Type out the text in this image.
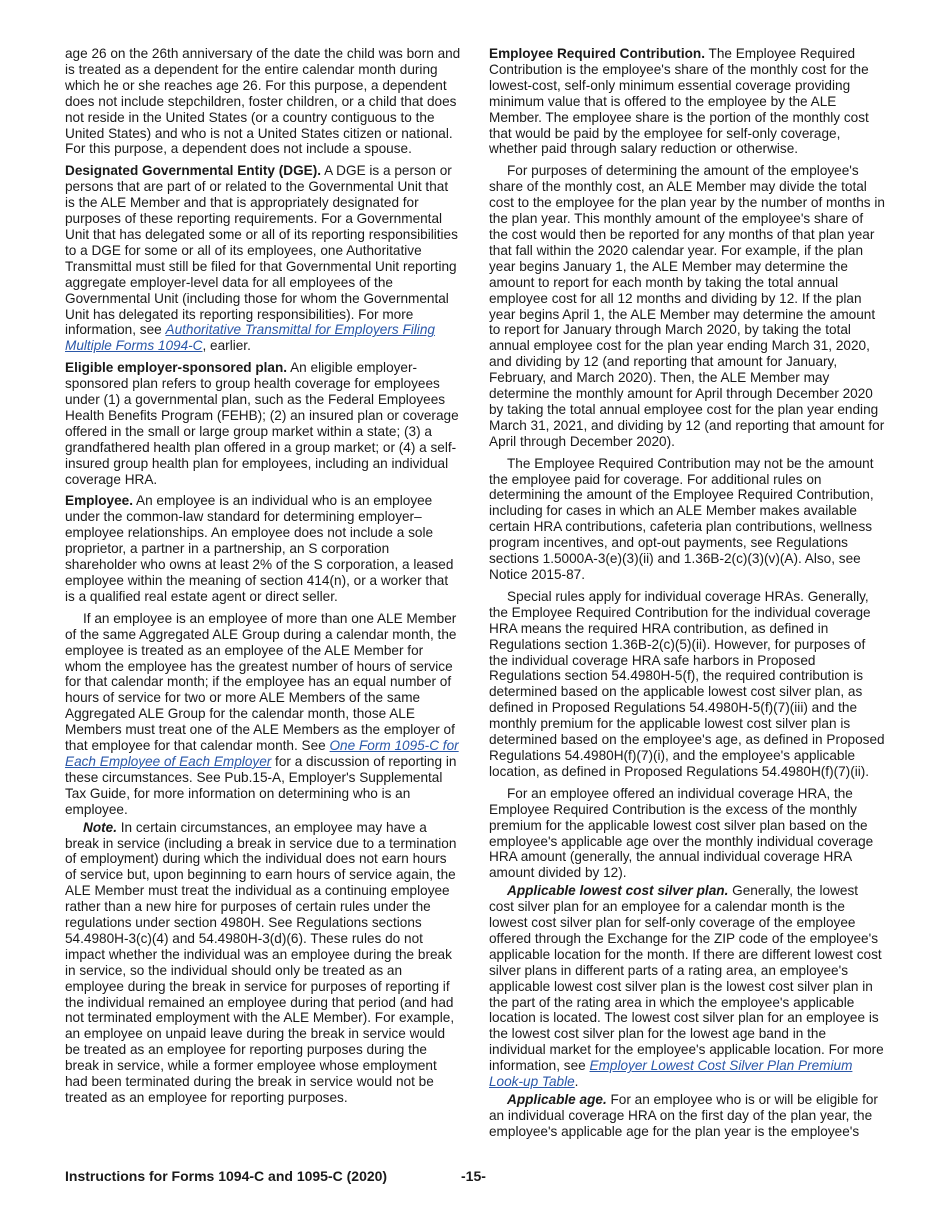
age 26 on the 26th anniversary of the date the child was born and is treated as a dependent for the entire calendar month during which he or she reaches age 26. For this purpose, a dependent does not include stepchildren, foster children, or a child that does not reside in the United States (or a country contiguous to the United States) and who is not a United States citizen or national. For this purpose, a dependent does not include a spouse.

Designated Governmental Entity (DGE). A DGE is a person or persons that are part of or related to the Governmental Unit that is the ALE Member and that is appropriately designated for purposes of these reporting requirements. For a Governmental Unit that has delegated some or all of its reporting responsibilities to a DGE for some or all of its employees, one Authoritative Transmittal must still be filed for that Governmental Unit reporting aggregate employer-level data for all employees of the Governmental Unit (including those for whom the Governmental Unit has delegated its reporting responsibilities). For more information, see Authoritative Transmittal for Employers Filing Multiple Forms 1094-C, earlier.

Eligible employer-sponsored plan. An eligible employer-sponsored plan refers to group health coverage for employees under (1) a governmental plan, such as the Federal Employees Health Benefits Program (FEHB); (2) an insured plan or coverage offered in the small or large group market within a state; (3) a grandfathered health plan offered in a group market; or (4) a self-insured group health plan for employees, including an individual coverage HRA.

Employee. An employee is an individual who is an employee under the common-law standard for determining employer–employee relationships. An employee does not include a sole proprietor, a partner in a partnership, an S corporation shareholder who owns at least 2% of the S corporation, a leased employee within the meaning of section 414(n), or a worker that is a qualified real estate agent or direct seller.

If an employee is an employee of more than one ALE Member of the same Aggregated ALE Group during a calendar month, the employee is treated as an employee of the ALE Member for whom the employee has the greatest number of hours of service for that calendar month; if the employee has an equal number of hours of service for two or more ALE Members of the same Aggregated ALE Group for the calendar month, those ALE Members must treat one of the ALE Members as the employer of that employee for that calendar month. See One Form 1095-C for Each Employee of Each Employer for a discussion of reporting in these circumstances. See Pub.15-A, Employer's Supplemental Tax Guide, for more information on determining who is an employee.

Note. In certain circumstances, an employee may have a break in service (including a break in service due to a termination of employment) during which the individual does not earn hours of service but, upon beginning to earn hours of service again, the ALE Member must treat the individual as a continuing employee rather than a new hire for purposes of certain rules under the regulations under section 4980H. See Regulations sections 54.4980H-3(c)(4) and 54.4980H-3(d)(6). These rules do not impact whether the individual was an employee during the break in service, so the individual should only be treated as an employee during the break in service for purposes of reporting if the individual remained an employee during that period (and had not terminated employment with the ALE Member). For example, an employee on unpaid leave during the break in service would be treated as an employee for reporting purposes during the break in service, while a former employee whose employment had been terminated during the break in service would not be treated as an employee for reporting purposes.

Employee Required Contribution. The Employee Required Contribution is the employee's share of the monthly cost for the lowest-cost, self-only minimum essential coverage providing minimum value that is offered to the employee by the ALE Member. The employee share is the portion of the monthly cost that would be paid by the employee for self-only coverage, whether paid through salary reduction or otherwise.

For purposes of determining the amount of the employee's share of the monthly cost, an ALE Member may divide the total cost to the employee for the plan year by the number of months in the plan year. This monthly amount of the employee's share of the cost would then be reported for any months of that plan year that fall within the 2020 calendar year. For example, if the plan year begins January 1, the ALE Member may determine the amount to report for each month by taking the total annual employee cost for all 12 months and dividing by 12. If the plan year begins April 1, the ALE Member may determine the amount to report for January through March 2020, by taking the total annual employee cost for the plan year ending March 31, 2020, and dividing by 12 (and reporting that amount for January, February, and March 2020). Then, the ALE Member may determine the monthly amount for April through December 2020 by taking the total annual employee cost for the plan year ending March 31, 2021, and dividing by 12 (and reporting that amount for April through December 2020).

The Employee Required Contribution may not be the amount the employee paid for coverage. For additional rules on determining the amount of the Employee Required Contribution, including for cases in which an ALE Member makes available certain HRA contributions, cafeteria plan contributions, wellness program incentives, and opt-out payments, see Regulations sections 1.5000A-3(e)(3)(ii) and 1.36B-2(c)(3)(v)(A). Also, see Notice 2015-87.

Special rules apply for individual coverage HRAs. Generally, the Employee Required Contribution for the individual coverage HRA means the required HRA contribution, as defined in Regulations section 1.36B-2(c)(5)(ii). However, for purposes of the individual coverage HRA safe harbors in Proposed Regulations section 54.4980H-5(f), the required contribution is determined based on the applicable lowest cost silver plan, as defined in Proposed Regulations 54.4980H-5(f)(7)(iii) and the monthly premium for the applicable lowest cost silver plan is determined based on the employee's age, as defined in Proposed Regulations 54.4980H(f)(7)(i), and the employee's applicable location, as defined in Proposed Regulations 54.4980H(f)(7)(ii).

For an employee offered an individual coverage HRA, the Employee Required Contribution is the excess of the monthly premium for the applicable lowest cost silver plan based on the employee's applicable age over the monthly individual coverage HRA amount (generally, the annual individual coverage HRA amount divided by 12).

Applicable lowest cost silver plan. Generally, the lowest cost silver plan for an employee for a calendar month is the lowest cost silver plan for self-only coverage of the employee offered through the Exchange for the ZIP code of the employee's applicable location for the month. If there are different lowest cost silver plans in different parts of a rating area, an employee's applicable lowest cost silver plan is the lowest cost silver plan in the part of the rating area in which the employee's applicable location is located. The lowest cost silver plan for an employee is the lowest cost silver plan for the lowest age band in the individual market for the employee's applicable location. For more information, see Employer Lowest Cost Silver Plan Premium Look-up Table.

Applicable age. For an employee who is or will be eligible for an individual coverage HRA on the first day of the plan year, the employee's applicable age for the plan year is the employee's

Instructions for Forms 1094-C and 1095-C (2020)	-15-
